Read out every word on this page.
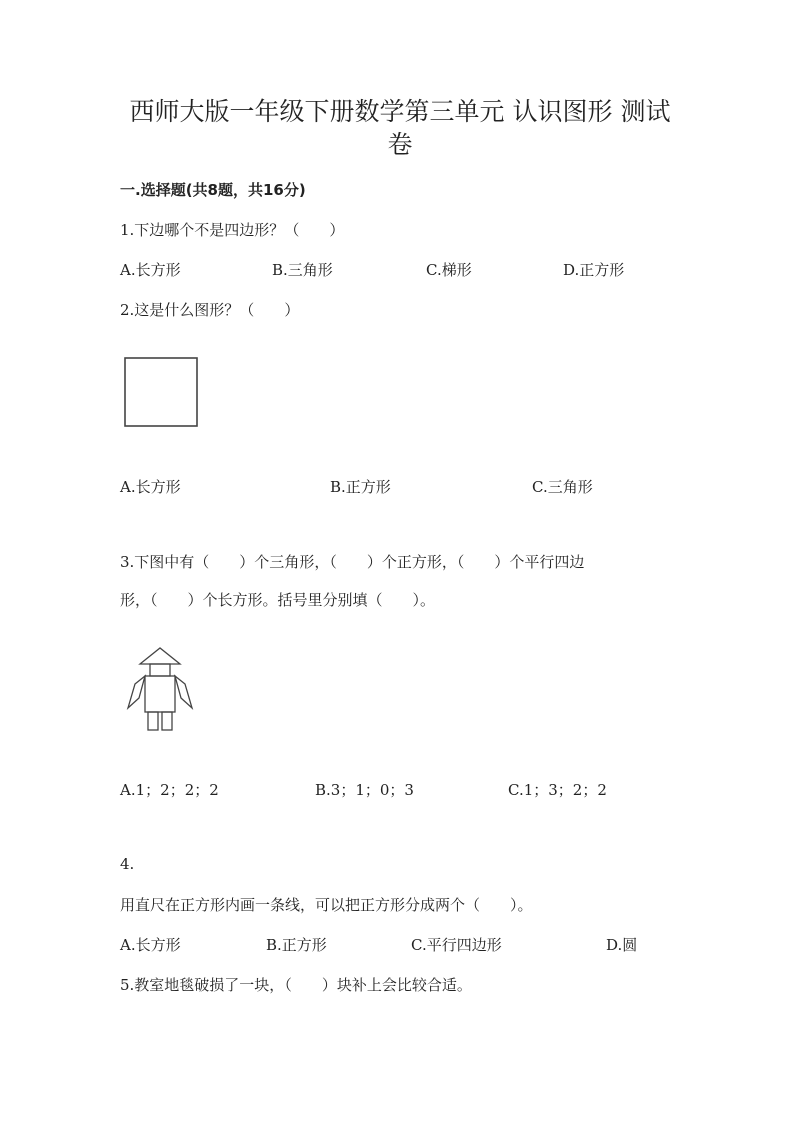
西师大版一年级下册数学第三单元 认识图形 测试
卷
一.选择题(共8题，共16分)
1.下边哪个不是四边形？（　　）
A.长方形	B.三角形	C.梯形	D.正方形
2.这是什么图形？（　　）
A.长方形	B.正方形	C.三角形
3.下图中有（　　）个三角形，（　　）个正方形，（　　）个平行四边
形，（　　）个长方形。括号里分别填（　　）。
A.1；2；2；2	B.3；1；0；3	C.1；3；2；2
4.
用直尺在正方形内画一条线，可以把正方形分成两个（　　）。
A.长方形	B.正方形	C.平行四边形	D.圆
5.教室地毯破损了一块，（　　）块补上会比较合适。
